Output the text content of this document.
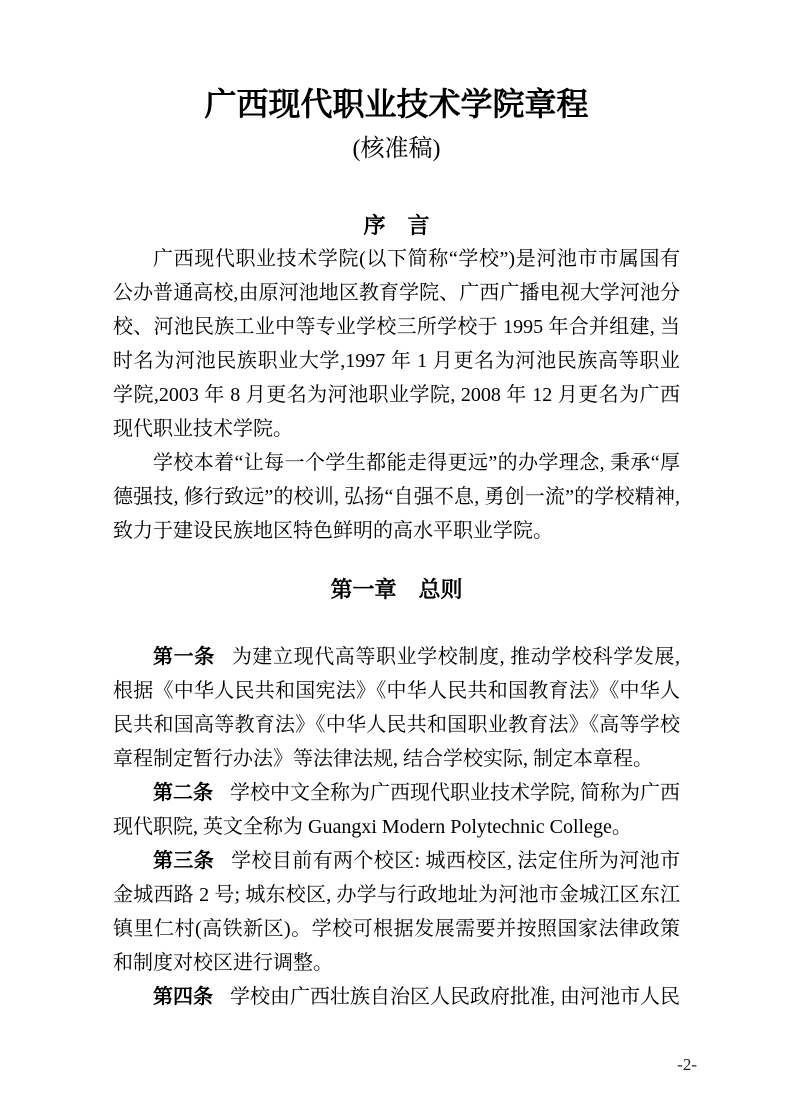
广西现代职业技术学院章程
(核准稿)
序　言

广西现代职业技术学院(以下简称“学校”)是河池市市属国有公办普通高校,由原河池地区教育学院、广西广播电视大学河池分校、河池民族工业中等专业学校三所学校于 1995 年合并组建, 当时名为河池民族职业大学,1997 年 1 月更名为河池民族高等职业学院,2003 年 8 月更名为河池职业学院, 2008 年 12 月更名为广西现代职业技术学院。

学校本着“让每一个学生都能走得更远”的办学理念, 秉承“厚德强技, 修行致远”的校训, 弘扬“自强不息, 勇创一流”的学校精神, 致力于建设民族地区特色鲜明的高水平职业学院。

第一章　总则

第一条 为建立现代高等职业学校制度, 推动学校科学发展, 根据《中华人民共和国宪法》《中华人民共和国教育法》《中华人民共和国高等教育法》《中华人民共和国职业教育法》《高等学校章程制定暂行办法》等法律法规, 结合学校实际, 制定本章程。

第二条 学校中文全称为广西现代职业技术学院, 简称为广西现代职院, 英文全称为 Guangxi Modern Polytechnic College。

第三条 学校目前有两个校区: 城西校区, 法定住所为河池市金城西路 2 号; 城东校区, 办学与行政地址为河池市金城江区东江镇里仁村(高铁新区)。学校可根据发展需要并按照国家法律政策和制度对校区进行调整。

第四条 学校由广西壮族自治区人民政府批准, 由河池市人民

-2-
